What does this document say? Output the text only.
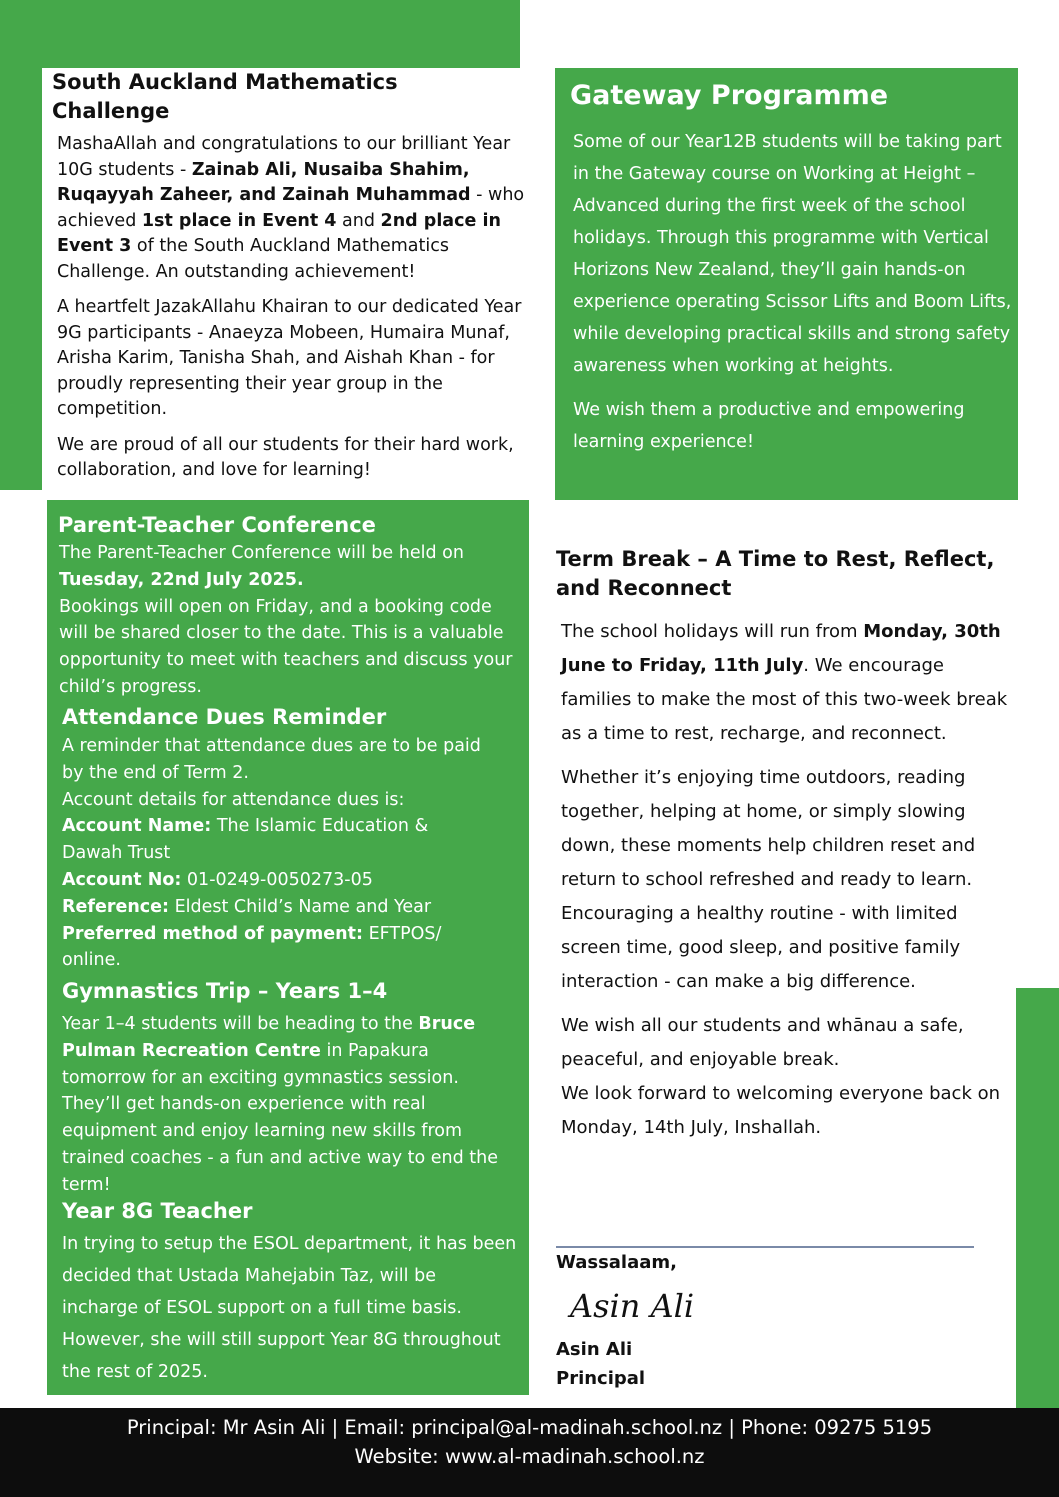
South Auckland Mathematics Challenge

MashaAllah and congratulations to our brilliant Year 10G students - Zainab Ali, Nusaiba Shahim, Ruqayyah Zaheer, and Zainah Muhammad - who achieved 1st place in Event 4 and 2nd place in Event 3 of the South Auckland Mathematics Challenge. An outstanding achievement!

A heartfelt JazakAllahu Khairan to our dedicated Year 9G participants - Anaeyza Mobeen, Humaira Munaf, Arisha Karim, Tanisha Shah, and Aishah Khan - for proudly representing their year group in the competition.

We are proud of all our students for their hard work, collaboration, and love for learning!

Gateway Programme

Some of our Year12B students will be taking part in the Gateway course on Working at Height – Advanced during the first week of the school holidays. Through this programme with Vertical Horizons New Zealand, they’ll gain hands-on experience operating Scissor Lifts and Boom Lifts, while developing practical skills and strong safety awareness when working at heights.

We wish them a productive and empowering learning experience!

Parent-Teacher Conference

The Parent-Teacher Conference will be held on

Tuesday, 22nd July 2025.

Bookings will open on Friday, and a booking code will be shared closer to the date. This is a valuable opportunity to meet with teachers and discuss your child’s progress.

Attendance Dues Reminder

A reminder that attendance dues are to be paid by the end of Term 2.

Account details for attendance dues is:

Account Name: The Islamic Education & Dawah Trust

Account No: 01-0249-0050273-05

Reference: Eldest Child’s Name and Year

Preferred method of payment: EFTPOS/ online.

Gymnastics Trip – Years 1–4

Year 1–4 students will be heading to the Bruce Pulman Recreation Centre in Papakura tomorrow for an exciting gymnastics session. They’ll get hands-on experience with real equipment and enjoy learning new skills from trained coaches - a fun and active way to end the term!

Year 8G Teacher

In trying to setup the ESOL department, it has been decided that Ustada Mahejabin Taz, will be incharge of ESOL support on a full time basis. However, she will still support Year 8G throughout the rest of 2025.

Term Break – A Time to Rest, Reflect, and Reconnect

The school holidays will run from Monday, 30th June to Friday, 11th July. We encourage families to make the most of this two-week break as a time to rest, recharge, and reconnect.

Whether it’s enjoying time outdoors, reading together, helping at home, or simply slowing down, these moments help children reset and return to school refreshed and ready to learn. Encouraging a healthy routine - with limited screen time, good sleep, and positive family interaction - can make a big difference.

We wish all our students and whānau a safe, peaceful, and enjoyable break.

We look forward to welcoming everyone back on Monday, 14th July, Inshallah.

Wassalaam,

Asin Ali

Asin Ali

Principal

Principal: Mr Asin Ali | Email: principal@al-madinah.school.nz | Phone: 09275 5195
Website: www.al-madinah.school.nz
